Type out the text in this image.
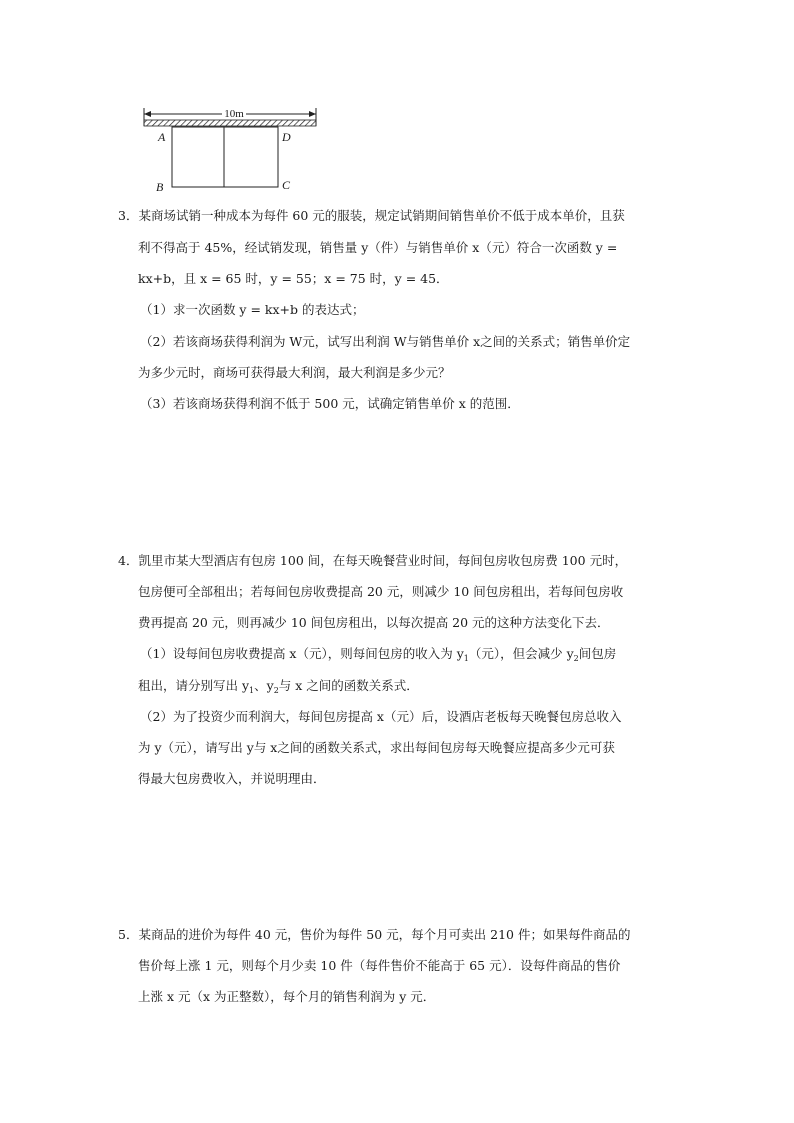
10m
A	D
B	C
3．某商场试销一种成本为每件 60 元的服装，规定试销期间销售单价不低于成本单价，且获
利不得高于 45%，经试销发现，销售量 y（件）与销售单价 x（元）符合一次函数 y =
kx+b，且 x = 65 时，y = 55；x = 75 时，y = 45．
（1）求一次函数 y = kx+b 的表达式；
（2）若该商场获得利润为 W元，试写出利润 W与销售单价 x之间的关系式；销售单价定
为多少元时，商场可获得最大利润，最大利润是多少元？
（3）若该商场获得利润不低于 500 元，试确定销售单价 x 的范围．
4．凯里市某大型酒店有包房 100 间，在每天晚餐营业时间，每间包房收包房费 100 元时，
包房便可全部租出；若每间包房收费提高 20 元，则减少 10 间包房租出，若每间包房收
费再提高 20 元，则再减少 10 间包房租出，以每次提高 20 元的这种方法变化下去．
（1）设每间包房收费提高 x（元），则每间包房的收入为 $y_1$（元），但会减少 $y_2$间包房
租出，请分别写出 $y_1$、$y_2$与 x 之间的函数关系式．
（2）为了投资少而利润大，每间包房提高 x（元）后，设酒店老板每天晚餐包房总收入
为 y（元），请写出 y与 x之间的函数关系式，求出每间包房每天晚餐应提高多少元可获
得最大包房费收入，并说明理由．
5．某商品的进价为每件 40 元，售价为每件 50 元，每个月可卖出 210 件；如果每件商品的
售价每上涨 1 元，则每个月少卖 10 件（每件售价不能高于 65 元）．设每件商品的售价
上涨 x 元（x 为正整数），每个月的销售利润为 y 元．
